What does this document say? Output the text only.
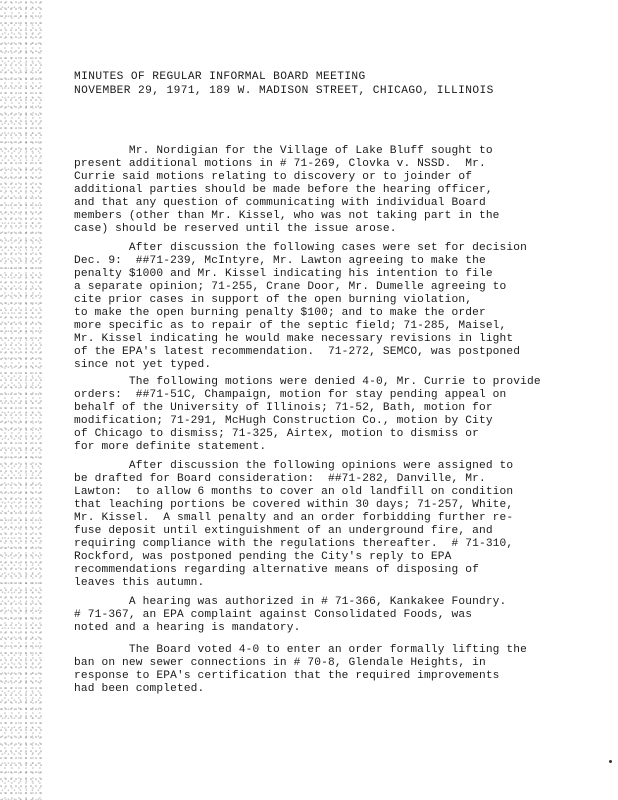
MINUTES OF REGULAR INFORMAL BOARD MEETING
NOVEMBER 29, 1971, 189 W. MADISON STREET, CHICAGO, ILLINOIS
Mr. Nordigian for the Village of Lake Bluff sought to
present additional motions in # 71-269, Clovka v. NSSD.  Mr.
Currie said motions relating to discovery or to joinder of
additional parties should be made before the hearing officer,
and that any question of communicating with individual Board
members (other than Mr. Kissel, who was not taking part in the
case) should be reserved until the issue arose.
After discussion the following cases were set for decision
Dec. 9:  ##71-239, McIntyre, Mr. Lawton agreeing to make the
penalty $1000 and Mr. Kissel indicating his intention to file
a separate opinion; 71-255, Crane Door, Mr. Dumelle agreeing to
cite prior cases in support of the open burning violation,
to make the open burning penalty $100; and to make the order
more specific as to repair of the septic field; 71-285, Maisel,
Mr. Kissel indicating he would make necessary revisions in light
of the EPA's latest recommendation.  71-272, SEMCO, was postponed
since not yet typed.
The following motions were denied 4-0, Mr. Currie to provide
orders:  ##71-51C, Champaign, motion for stay pending appeal on
behalf of the University of Illinois; 71-52, Bath, motion for
modification; 71-291, McHugh Construction Co., motion by City
of Chicago to dismiss; 71-325, Airtex, motion to dismiss or
for more definite statement.
After discussion the following opinions were assigned to
be drafted for Board consideration:  ##71-282, Danville, Mr.
Lawton:  to allow 6 months to cover an old landfill on condition
that leaching portions be covered within 30 days; 71-257, White,
Mr. Kissel.  A small penalty and an order forbidding further re-
fuse deposit until extinguishment of an underground fire, and
requiring compliance with the regulations thereafter.  # 71-310,
Rockford, was postponed pending the City's reply to EPA
recommendations regarding alternative means of disposing of
leaves this autumn.
A hearing was authorized in # 71-366, Kankakee Foundry.
# 71-367, an EPA complaint against Consolidated Foods, was
noted and a hearing is mandatory.
The Board voted 4-0 to enter an order formally lifting the
ban on new sewer connections in # 70-8, Glendale Heights, in
response to EPA's certification that the required improvements
had been completed.
